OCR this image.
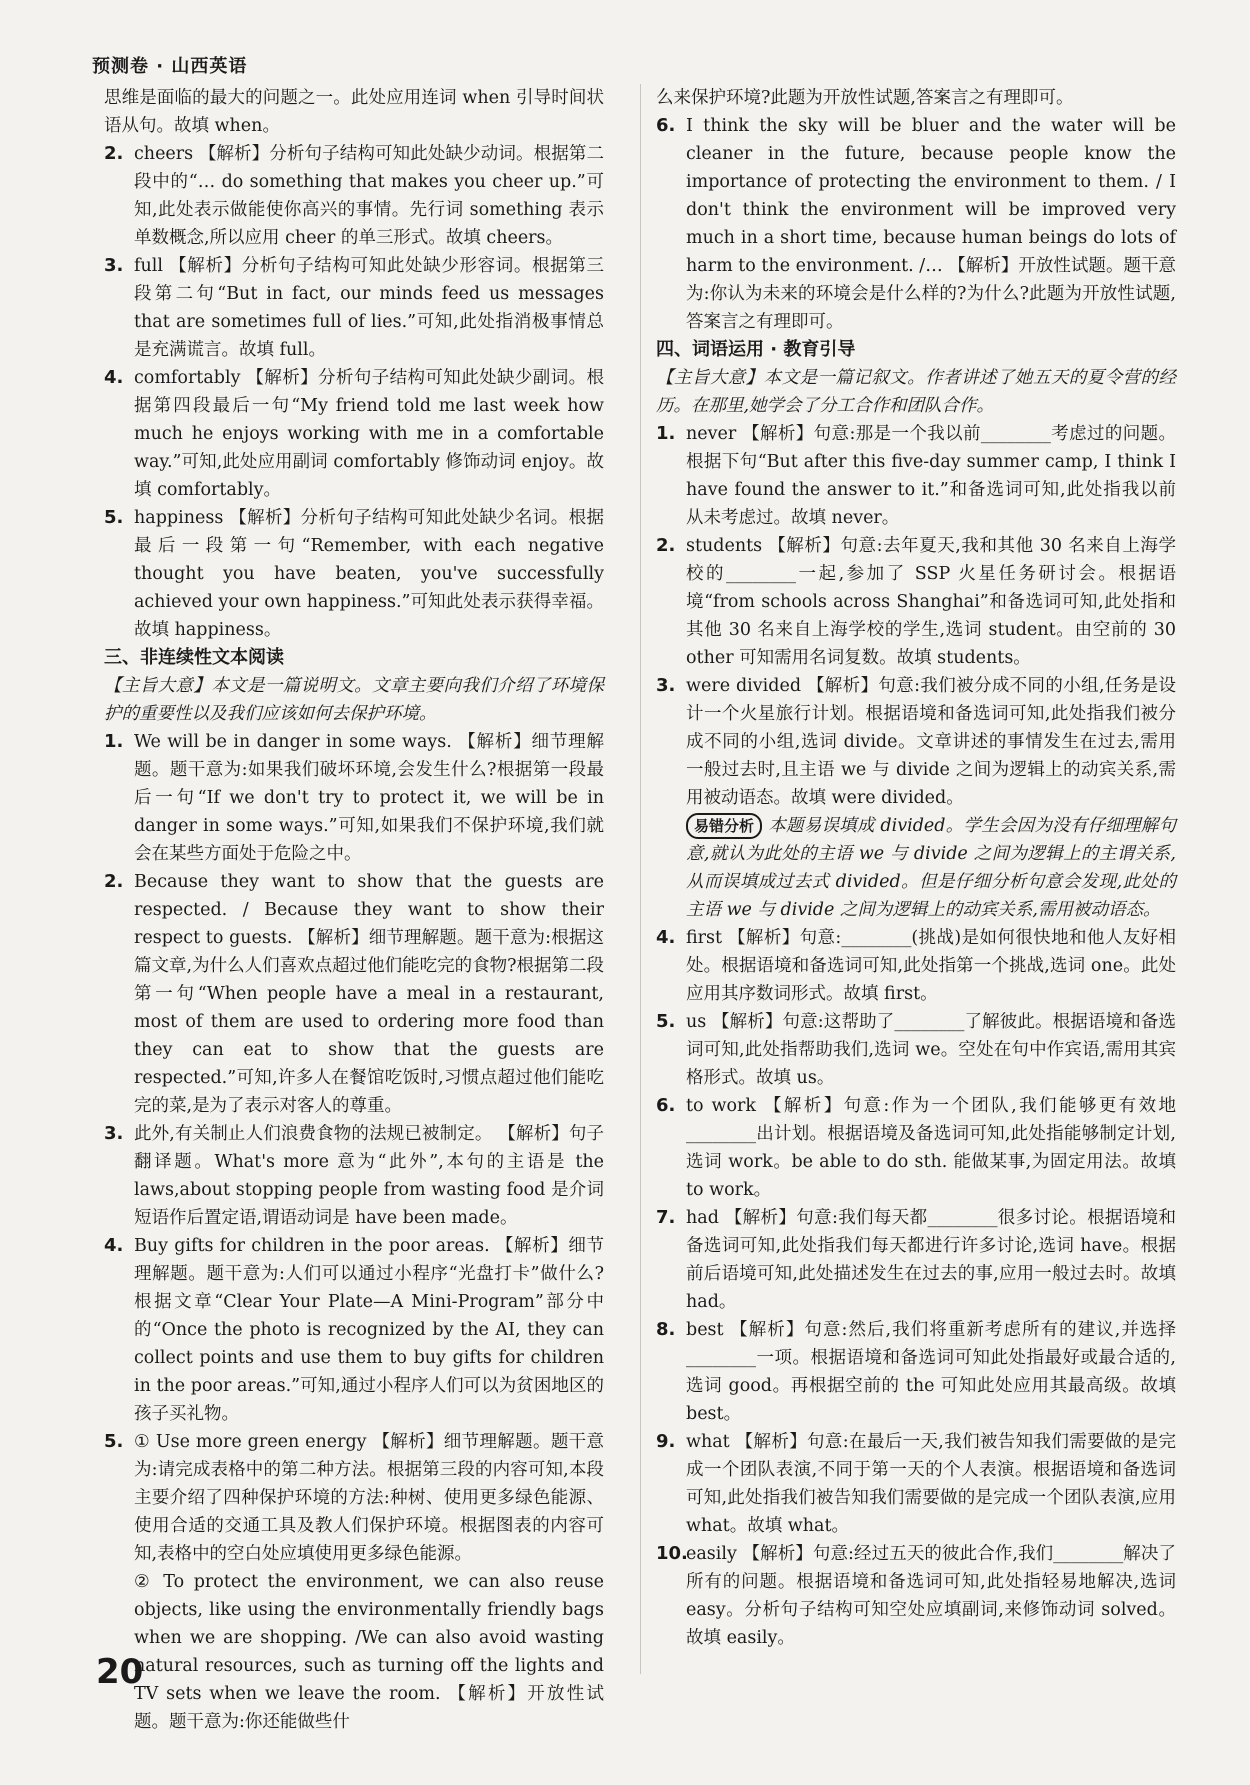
预测卷 · 山西英语

思维是面临的最大的问题之一。此处应用连词 when 引导时间状语从句。故填 when。

2. cheers 【解析】分析句子结构可知此处缺少动词。根据第二段中的“… do something that makes you cheer up.”可知,此处表示做能使你高兴的事情。先行词 something 表示单数概念,所以应用 cheer 的单三形式。故填 cheers。

3. full 【解析】分析句子结构可知此处缺少形容词。根据第三段第二句“But in fact, our minds feed us messages that are sometimes full of lies.”可知,此处指消极事情总是充满谎言。故填 full。

4. comfortably 【解析】分析句子结构可知此处缺少副词。根据第四段最后一句“My friend told me last week how much he enjoys working with me in a comfortable way.”可知,此处应用副词 comfortably 修饰动词 enjoy。故填 comfortably。

5. happiness 【解析】分析句子结构可知此处缺少名词。根据最后一段第一句“Remember, with each negative thought you have beaten, you've successfully achieved your own happiness.”可知此处表示获得幸福。故填 happiness。

三、非连续性文本阅读

【主旨大意】本文是一篇说明文。文章主要向我们介绍了环境保护的重要性以及我们应该如何去保护环境。

1. We will be in danger in some ways. 【解析】细节理解题。题干意为:如果我们破坏环境,会发生什么?根据第一段最后一句“If we don't try to protect it, we will be in danger in some ways.”可知,如果我们不保护环境,我们就会在某些方面处于危险之中。

2. Because they want to show that the guests are respected. / Because they want to show their respect to guests. 【解析】细节理解题。题干意为:根据这篇文章,为什么人们喜欢点超过他们能吃完的食物?根据第二段第一句“When people have a meal in a restaurant, most of them are used to ordering more food than they can eat to show that the guests are respected.”可知,许多人在餐馆吃饭时,习惯点超过他们能吃完的菜,是为了表示对客人的尊重。

3. 此外,有关制止人们浪费食物的法规已被制定。 【解析】句子翻译题。What's more 意为“此外”,本句的主语是 the laws,about stopping people from wasting food 是介词短语作后置定语,谓语动词是 have been made。

4. Buy gifts for children in the poor areas. 【解析】细节理解题。题干意为:人们可以通过小程序“光盘打卡”做什么?根据文章“Clear Your Plate—A Mini-Program”部分中的“Once the photo is recognized by the AI, they can collect points and use them to buy gifts for children in the poor areas.”可知,通过小程序人们可以为贫困地区的孩子买礼物。

5. ① Use more green energy 【解析】细节理解题。题干意为:请完成表格中的第二种方法。根据第三段的内容可知,本段主要介绍了四种保护环境的方法:种树、使用更多绿色能源、使用合适的交通工具及教人们保护环境。根据图表的内容可知,表格中的空白处应填使用更多绿色能源。

② To protect the environment, we can also reuse objects, like using the environmentally friendly bags when we are shopping. /We can also avoid wasting natural resources, such as turning off the lights and TV sets when we leave the room. 【解析】开放性试题。题干意为:你还能做些什

么来保护环境?此题为开放性试题,答案言之有理即可。

6. I think the sky will be bluer and the water will be cleaner in the future, because people know the importance of protecting the environment to them. / I don't think the environment will be improved very much in a short time, because human beings do lots of harm to the environment. /… 【解析】开放性试题。题干意为:你认为未来的环境会是什么样的?为什么?此题为开放性试题,答案言之有理即可。

四、词语运用 · 教育引导

【主旨大意】本文是一篇记叙文。作者讲述了她五天的夏令营的经历。在那里,她学会了分工合作和团队合作。

1. never 【解析】句意:那是一个我以前________考虑过的问题。根据下句“But after this five-day summer camp, I think I have found the answer to it.”和备选词可知,此处指我以前从未考虑过。故填 never。

2. students 【解析】句意:去年夏天,我和其他 30 名来自上海学校的________一起,参加了 SSP 火星任务研讨会。根据语境“from schools across Shanghai”和备选词可知,此处指和其他 30 名来自上海学校的学生,选词 student。由空前的 30 other 可知需用名词复数。故填 students。

3. were divided 【解析】句意:我们被分成不同的小组,任务是设计一个火星旅行计划。根据语境和备选词可知,此处指我们被分成不同的小组,选词 divide。文章讲述的事情发生在过去,需用一般过去时,且主语 we 与 divide 之间为逻辑上的动宾关系,需用被动语态。故填 were divided。

易错分析 本题易误填成 divided。学生会因为没有仔细理解句意,就认为此处的主语 we 与 divide 之间为逻辑上的主谓关系,从而误填成过去式 divided。但是仔细分析句意会发现,此处的主语 we 与 divide 之间为逻辑上的动宾关系,需用被动语态。

4. first 【解析】句意:________(挑战)是如何很快地和他人友好相处。根据语境和备选词可知,此处指第一个挑战,选词 one。此处应用其序数词形式。故填 first。

5. us 【解析】句意:这帮助了________了解彼此。根据语境和备选词可知,此处指帮助我们,选词 we。空处在句中作宾语,需用其宾格形式。故填 us。

6. to work 【解析】句意:作为一个团队,我们能够更有效地________出计划。根据语境及备选词可知,此处指能够制定计划,选词 work。be able to do sth. 能做某事,为固定用法。故填 to work。

7. had 【解析】句意:我们每天都________很多讨论。根据语境和备选词可知,此处指我们每天都进行许多讨论,选词 have。根据前后语境可知,此处描述发生在过去的事,应用一般过去时。故填 had。

8. best 【解析】句意:然后,我们将重新考虑所有的建议,并选择________一项。根据语境和备选词可知此处指最好或最合适的,选词 good。再根据空前的 the 可知此处应用其最高级。故填 best。

9. what 【解析】句意:在最后一天,我们被告知我们需要做的是完成一个团队表演,不同于第一天的个人表演。根据语境和备选词可知,此处指我们被告知我们需要做的是完成一个团队表演,应用 what。故填 what。

10.
easily 【解析】句意:经过五天的彼此合作,我们________解决了所有的问题。根据语境和备选词可知,此处指轻易地解决,选词 easy。分析句子结构可知空处应填副词,来修饰动词 solved。故填 easily。

20
